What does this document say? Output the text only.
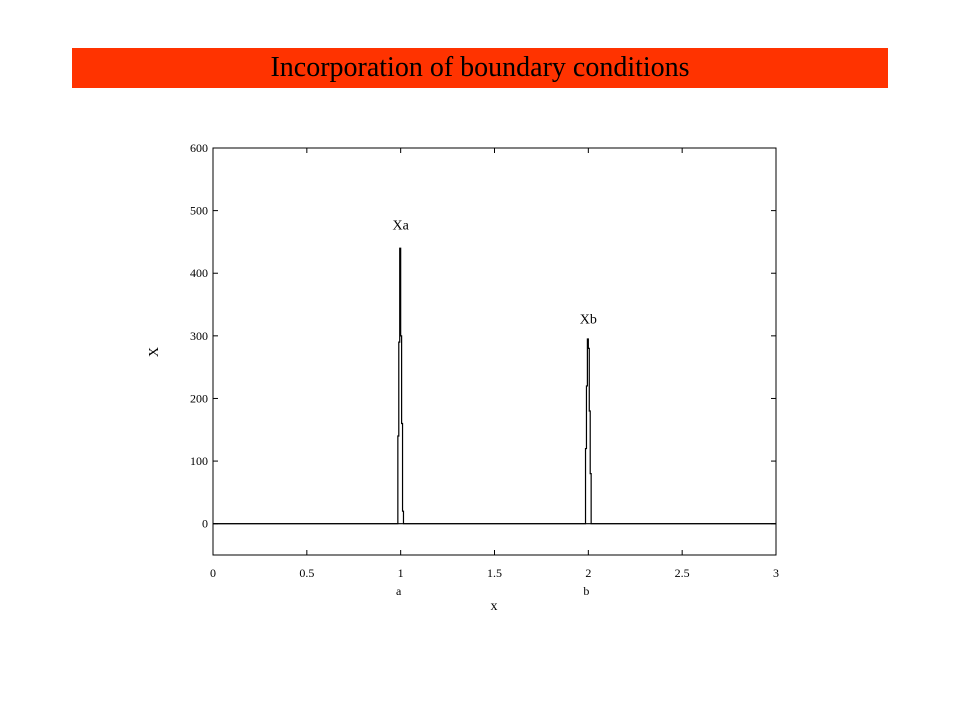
Incorporation of boundary conditions
0	0.5	1	1.5	2	2.5	3
0
100
200
300
400
500
600
a	b
Xa
Xb
x
X
